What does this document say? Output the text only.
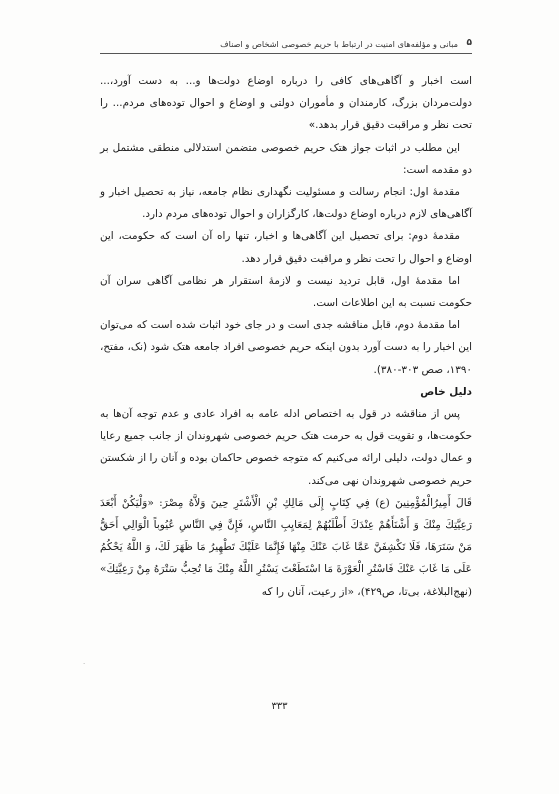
۵
مبانی و مؤلفه‌های امنیت در ارتباط با حریم خصوصی اشخاص و اصناف

است اخبار و آگاهی‌های کافی را درباره اوضاع دولت‌ها و... به دست آورد،... دولت‌مردان بزرگ، کارمندان و مأموران دولتی و اوضاع و احوال توده‌های مردم... را تحت نظر و مراقبت دقیق قرار بدهد.»

این مطلب در اثبات جواز هتک حریم خصوصی متضمن استدلالی منطقی مشتمل بر دو مقدمه است:

مقدمهٔ اول: انجام رسالت و مسئولیت نگهداری نظام جامعه، نیاز به تحصیل اخبار و آگاهی‌های لازم درباره اوضاع دولت‌ها، کارگزاران و احوال توده‌های مردم دارد.

مقدمهٔ دوم: برای تحصیل این آگاهی‌ها و اخبار، تنها راه آن است که حکومت، این اوضاع و احوال را تحت نظر و مراقبت دقیق قرار دهد.

اما مقدمهٔ اول، قابل تردید نیست و لازمهٔ استقرار هر نظامی آگاهی سران آن حکومت نسبت به این اطلاعات است.

اما مقدمهٔ دوم، قابل مناقشه جدی است و در جای خود اثبات شده است که می‌توان این اخبار را به دست آورد بدون اینکه حریم خصوصی افراد جامعه هتک شود (نک، مفتح، ۱۳۹۰، صص ۳۰۳-۳۸۰).

دلیل خاص

پس از مناقشه در قول به اختصاص ادله عامه به افراد عادی و عدم توجه آن‌ها به حکومت‌ها، و تقویت قول به حرمت هتک حریم خصوصی شهروندان از جانب جمیع رعایا و عمال دولت، دلیلی ارائه می‌کنیم که متوجه خصوص حاکمان بوده و آنان را از شکستن حریم خصوصی شهروندان نهی می‌کند.

قَالَ أَمِيرُالْمُؤْمِنِينَ (ع) فِي كِتَابٍ إِلَى مَالِكِ بْنِ الْأَشْتَرِ حِينَ وَلاَّهُ مِصْرَ: «وَلْيَكُنْ أَبْعَدَ رَعِيَّتِكَ مِنْكَ وَ أَشْنَأَهُمْ عِنْدَكَ أَطْلَبُهُمْ لِمَعَايِبِ النَّاسِ، فَإِنَّ فِي النَّاسِ عُيُوباً الْوَالِي أَحَقُّ مَنْ سَتَرَهَا، فَلَا تَكْشِفَنَّ عَمَّا غَابَ عَنْكَ مِنْهَا فَإِنَّمَا عَلَيْكَ تَطْهِيرُ مَا ظَهَرَ لَكَ، وَ اللَّهُ يَحْكُمُ عَلَى مَا غَابَ عَنْكَ فَاسْتُرِ الْعَوْرَةَ مَا اسْتَطَعْتَ يَسْتُرِ اللَّهُ مِنْكَ مَا تُحِبُّ سَتْرَهُ مِنْ رَعِيَّتِكَ» (نهج‌البلاغة، بی‌تا، ص۴۲۹)، «از رعیت، آنان را که

·
۳۳۳
